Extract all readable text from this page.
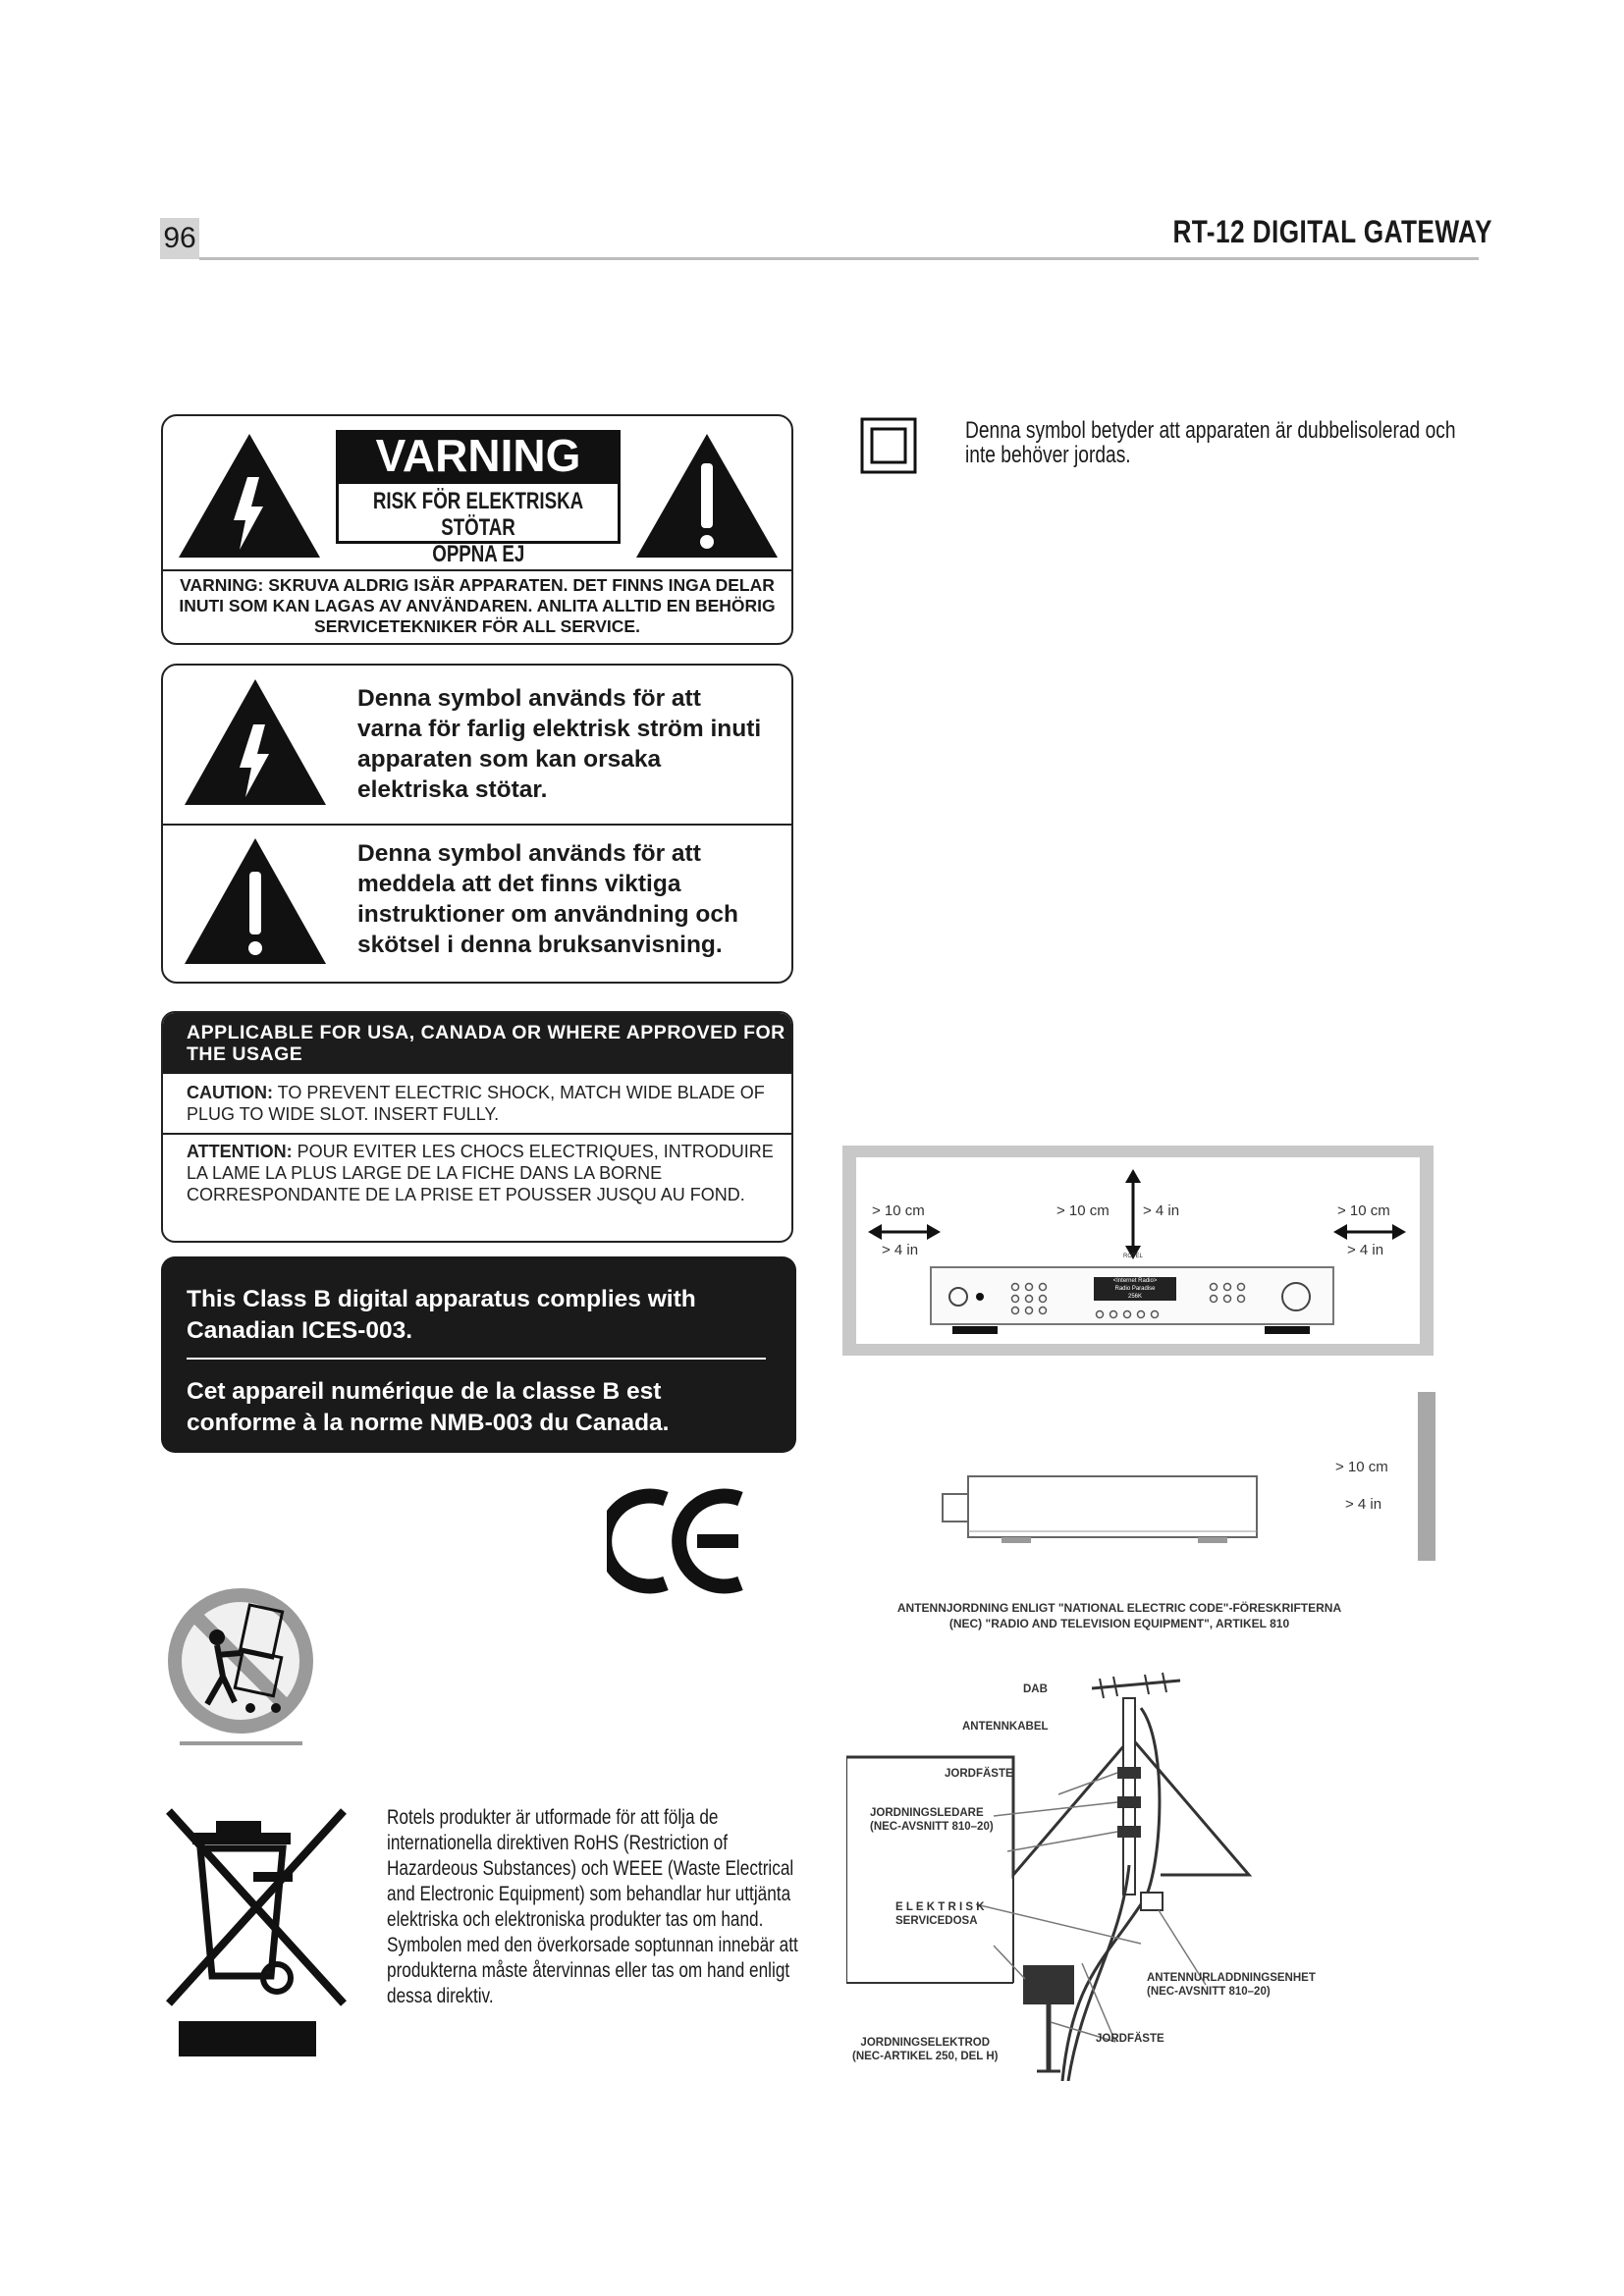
96	RT-12 DIGITAL GATEWAY
VARNING
RISK FÖR ELEKTRISKA STÖTAR
ÖPPNA EJ
VARNING: SKRUVA ALDRIG ISÄR APPARATEN. DET FINNS INGA DELAR INUTI SOM KAN LAGAS AV ANVÄNDAREN. ANLITA ALLTID EN BEHÖRIG SERVICETEKNIKER FÖR ALL SERVICE.
Denna symbol används för att varna för farlig elektrisk ström inuti apparaten som kan orsaka elektriska stötar.
Denna symbol används för att meddela att det finns viktiga instruktioner om användning och skötsel i denna bruksanvisning.
APPLICABLE FOR USA, CANADA OR WHERE APPROVED FOR THE USAGE
CAUTION: TO PREVENT ELECTRIC SHOCK, MATCH WIDE BLADE OF PLUG TO WIDE SLOT. INSERT FULLY.
ATTENTION: POUR EVITER LES CHOCS ELECTRIQUES, INTRODUIRE LA LAME LA PLUS LARGE DE LA FICHE DANS LA BORNE CORRESPONDANTE DE LA PRISE ET POUSSER JUSQU AU FOND.
This Class B digital apparatus complies with Canadian ICES-003.
Cet appareil numérique de la classe B est conforme à la norme NMB-003 du Canada.
Rotels produkter är utformade för att följa de internationella direktiven RoHS (Restriction of Hazardeous Substances) och WEEE (Waste Electrical and Electronic Equipment) som behandlar hur uttjänta elektriska och elektroniska produkter tas om hand. Symbolen med den överkorsade soptunnan innebär att produkterna måste återvinnas eller tas om hand enligt dessa direktiv.
Denna symbol betyder att apparaten är dubbelisolerad och inte behöver jordas.
> 10 cm
> 4 in
> 10 cm > 4 in	> 10 cm
> 4 in
ROTEL
<Internet Radio>
Radio Paradise
256K
> 10 cm
> 4 in
ANTENNJORDNING ENLIGT "NATIONAL ELECTRIC CODE"-FÖRESKRIFTERNA (NEC) "RADIO AND TELEVISION EQUIPMENT", ARTIKEL 810
DAB
ANTENNKABEL
JORDFÄSTE
JORDNINGSLEDARE
(NEC-AVSNITT 810–20)
E L E K T R I S K
SERVICEDOSA
ANTENNURLADDNINGSENHET
(NEC-AVSNITT 810–20)
JORDFÄSTE
JORDNINGSELEKTROD
(NEC-ARTIKEL 250, DEL H)
